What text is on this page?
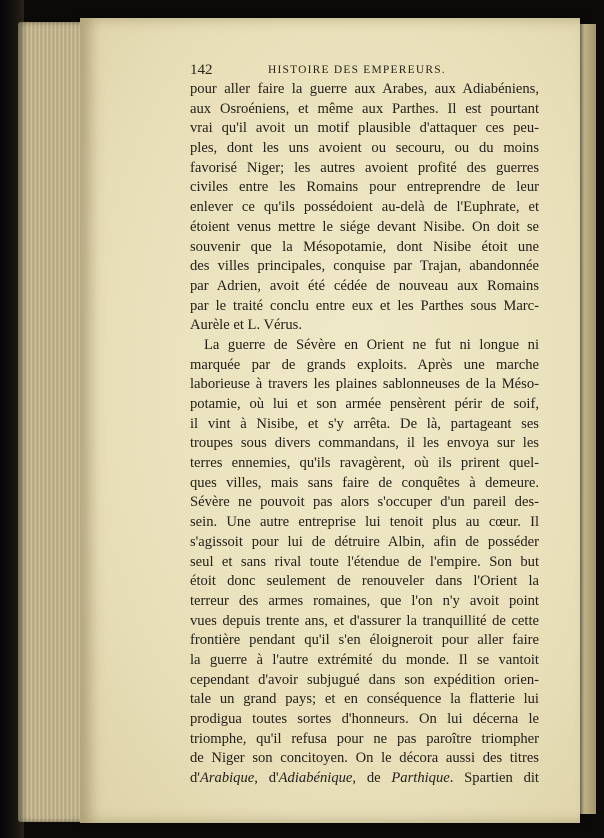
142	HISTOIRE DES EMPEREURS.
pour aller faire la guerre aux Arabes, aux Adiabéniens,
aux Osroéniens, et même aux Parthes. Il est pourtant
vrai qu'il avoit un motif plausible d'attaquer ces peu-
ples, dont les uns avoient ou secouru, ou du moins
favorisé Niger; les autres avoient profité des guerres
civiles entre les Romains pour entreprendre de leur
enlever ce qu'ils possédoient au-delà de l'Euphrate, et
étoient venus mettre le siége devant Nisibe. On doit se
souvenir que la Mésopotamie, dont Nisibe étoit une
des villes principales, conquise par Trajan, abandonnée
par Adrien, avoit été cédée de nouveau aux Romains
par le traité conclu entre eux et les Parthes sous Marc-
Aurèle et L. Vérus.
La guerre de Sévère en Orient ne fut ni longue ni
marquée par de grands exploits. Après une marche
laborieuse à travers les plaines sablonneuses de la Méso-
potamie, où lui et son armée pensèrent périr de soif,
il vint à Nisibe, et s'y arrêta. De là, partageant ses
troupes sous divers commandans, il les envoya sur les
terres ennemies, qu'ils ravagèrent, où ils prirent quel-
ques villes, mais sans faire de conquêtes à demeure.
Sévère ne pouvoit pas alors s'occuper d'un pareil des-
sein. Une autre entreprise lui tenoit plus au cœur. Il
s'agissoit pour lui de détruire Albin, afin de posséder
seul et sans rival toute l'étendue de l'empire. Son but
étoit donc seulement de renouveler dans l'Orient la
terreur des armes romaines, que l'on n'y avoit point
vues depuis trente ans, et d'assurer la tranquillité de cette
frontière pendant qu'il s'en éloigneroit pour aller faire
la guerre à l'autre extrémité du monde. Il se vantoit
cependant d'avoir subjugué dans son expédition orien-
tale un grand pays; et en conséquence la flatterie lui
prodigua toutes sortes d'honneurs. On lui décerna le
triomphe, qu'il refusa pour ne pas paroître triompher
de Niger son concitoyen. On le décora aussi des titres
d'Arabique, d'Adiabénique, de Parthique. Spartien dit
